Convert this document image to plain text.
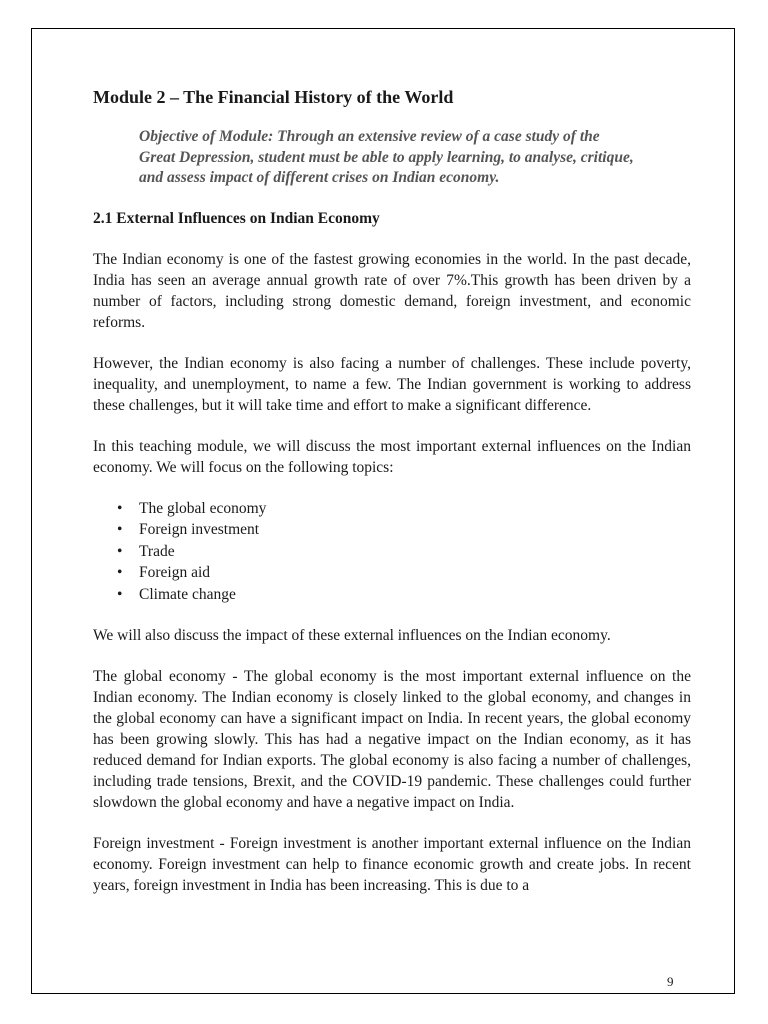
Module 2 – The Financial History of the World
Objective of Module: Through an extensive review of a case study of the Great Depression, student must be able to apply learning, to analyse, critique, and assess impact of different crises on Indian economy.
2.1 External Influences on Indian Economy

The Indian economy is one of the fastest growing economies in the world. In the past decade, India has seen an average annual growth rate of over 7%.This growth has been driven by a number of factors, including strong domestic demand, foreign investment, and economic reforms.

However, the Indian economy is also facing a number of challenges. These include poverty, inequality, and unemployment, to name a few. The Indian government is working to address these challenges, but it will take time and effort to make a significant difference.

In this teaching module, we will discuss the most important external influences on the Indian economy. We will focus on the following topics:

• The global economy
• Foreign investment
• Trade
• Foreign aid
• Climate change

We will also discuss the impact of these external influences on the Indian economy.

The global economy - The global economy is the most important external influence on the Indian economy. The Indian economy is closely linked to the global economy, and changes in the global economy can have a significant impact on India. In recent years, the global economy has been growing slowly. This has had a negative impact on the Indian economy, as it has reduced demand for Indian exports. The global economy is also facing a number of challenges, including trade tensions, Brexit, and the COVID-19 pandemic. These challenges could further slowdown the global economy and have a negative impact on India.

Foreign investment - Foreign investment is another important external influence on the Indian economy. Foreign investment can help to finance economic growth and create jobs. In recent years, foreign investment in India has been increasing. This is due to a

9
